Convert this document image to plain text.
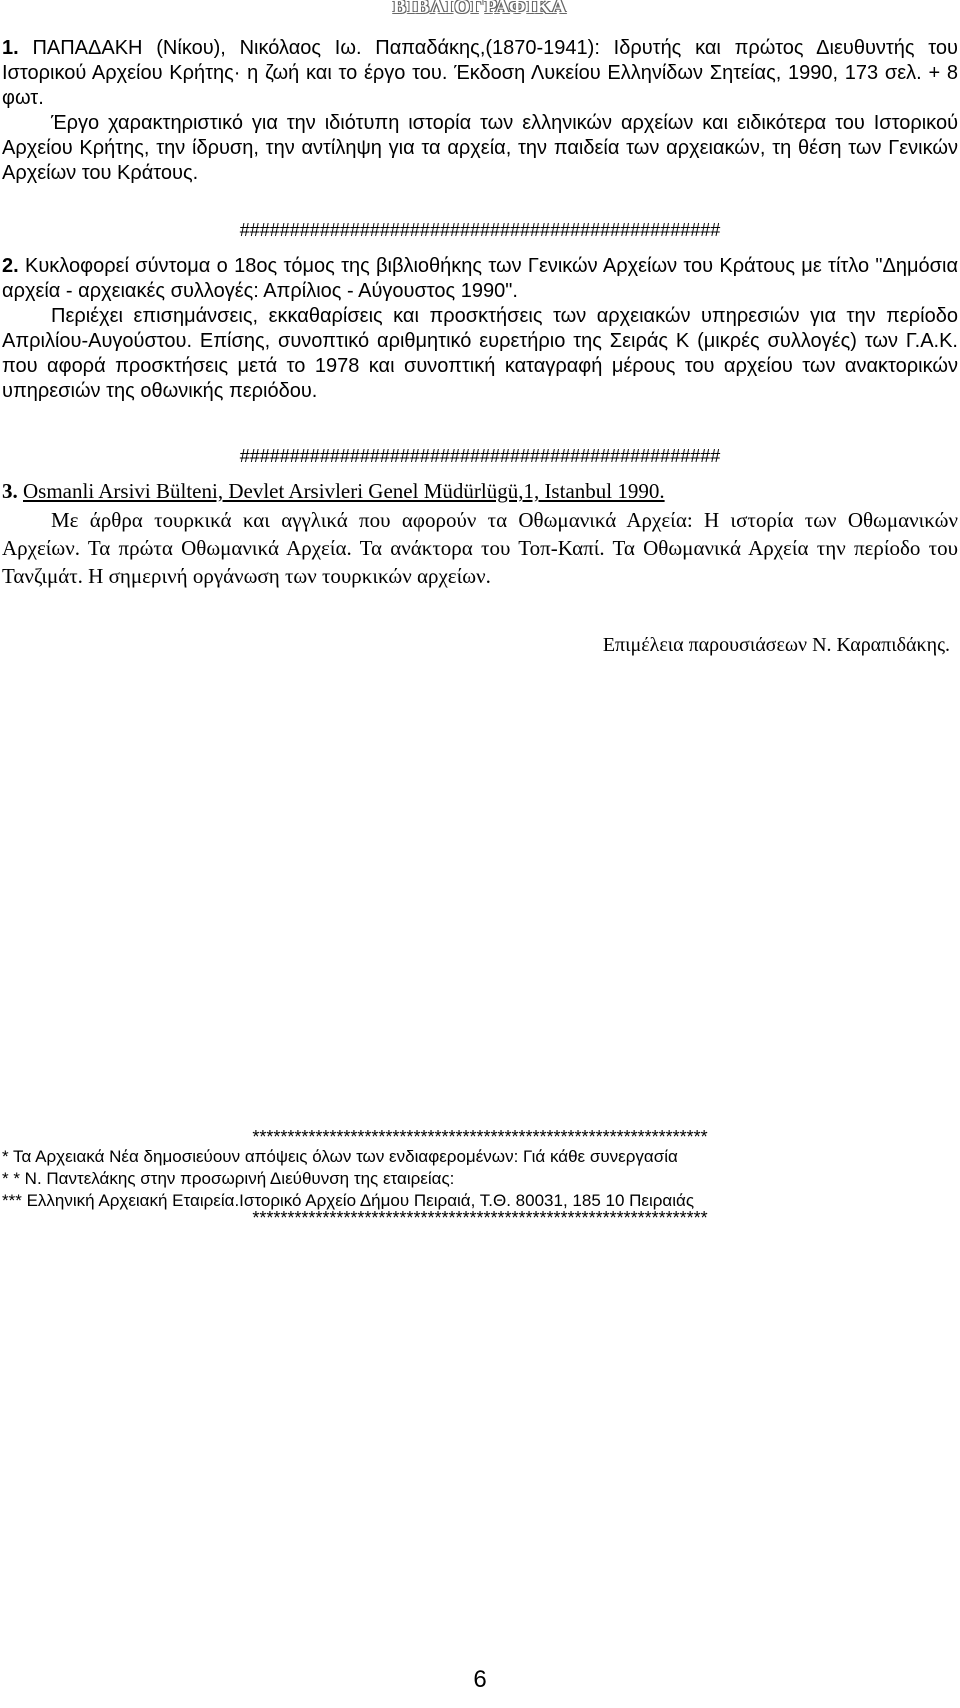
ΒΙΒΛΙΟΓΡΑΦΙΚΑ
1. ΠΑΠΑΔΑΚΗ (Νίκου), Νικόλαος Ιω. Παπαδάκης,(1870-1941): Ιδρυτής και πρώτος Διευθυντής του Ιστορικού Αρχείου Κρήτης· η ζωή και το έργο του. Έκδοση Λυκείου Ελληνίδων Σητείας, 1990, 173 σελ. + 8 φωτ.
Έργο χαρακτηριστικό για την ιδιότυπη ιστορία των ελληνικών αρχείων και ειδικότερα του Ιστορικού Αρχείου Κρήτης, την ίδρυση, την αντίληψη για τα αρχεία, την παιδεία των αρχειακών, τη θέση των Γενικών Αρχείων του Κράτους.
################################################
2. Κυκλοφορεί σύντομα ο 18ος τόμος της βιβλιοθήκης των Γενικών Αρχείων του Κράτους με τίτλο "Δημόσια αρχεία - αρχειακές συλλογές: Απρίλιος - Αύγουστος 1990".
Περιέχει επισημάνσεις, εκκαθαρίσεις και προσκτήσεις των αρχειακών υπηρεσιών για την περίοδο Απριλίου-Αυγούστου. Επίσης, συνοπτικό αριθμητικό ευρετήριο της Σειράς Κ (μικρές συλλογές) των Γ.Α.Κ. που αφορά προσκτήσεις μετά το 1978 και συνοπτική καταγραφή μέρους του αρχείου των ανακτορικών υπηρεσιών της οθωνικής περιόδου.
################################################
3. Osmanli Arsivi Bülteni, Devlet Arsivleri Genel Müdürlügü,1, Istanbul 1990.
Με άρθρα τουρκικά και αγγλικά που αφορούν τα Οθωμανικά Αρχεία: Η ιστορία των Οθωμανικών Αρχείων. Τα πρώτα Οθωμανικά Αρχεία. Τα ανάκτορα του Τοπ-Καπί. Τα Οθωμανικά Αρχεία την περίοδο του Τανζιμάτ. Η σημερινή οργάνωση των τουρκικών αρχείων.
Επιμέλεια παρουσιάσεων Ν. Καραπιδάκης.
*****************************************************************
* Τα Αρχειακά Νέα δημοσιεύουν απόψεις όλων των ενδιαφερομένων: Γιά κάθε συνεργασία
* * Ν. Παντελάκης στην προσωρινή Διεύθυνση της εταιρείας:
*** Ελληνική Αρχειακή Εταιρεία.Ιστορικό Αρχείο Δήμου Πειραιά, Τ.Θ. 80031, 185 10 Πειραιάς
*****************************************************************
6
